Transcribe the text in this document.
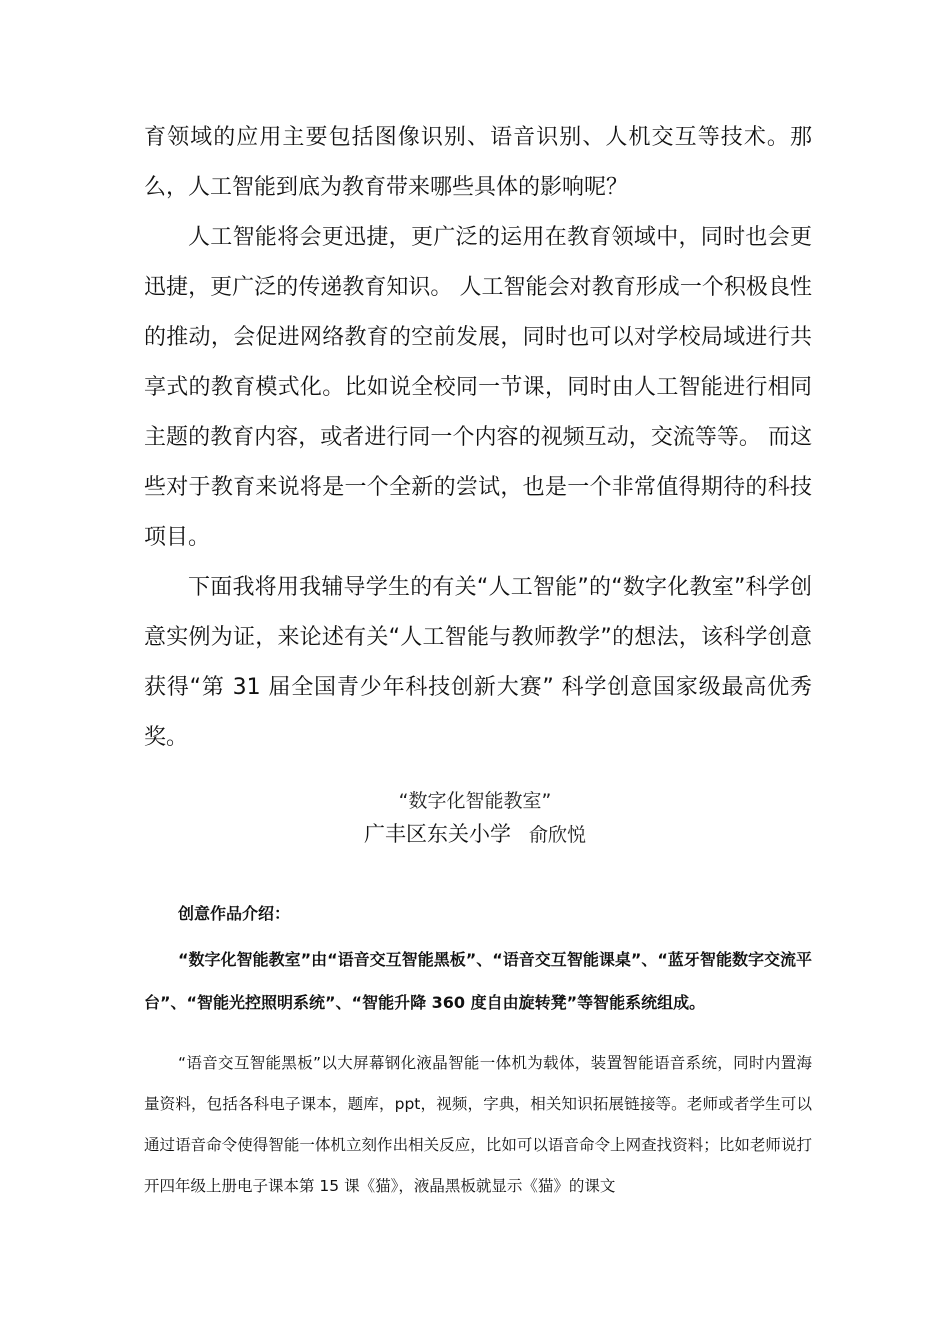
育领域的应用主要包括图像识别、语音识别、人机交互等技术。那么，人工智能到底为教育带来哪些具体的影响呢？

人工智能将会更迅捷，更广泛的运用在教育领域中，同时也会更迅捷，更广泛的传递教育知识。 人工智能会对教育形成一个积极良性的推动，会促进网络教育的空前发展，同时也可以对学校局域进行共享式的教育模式化。比如说全校同一节课，同时由人工智能进行相同主题的教育内容，或者进行同一个内容的视频互动，交流等等。 而这些对于教育来说将是一个全新的尝试，也是一个非常值得期待的科技项目。

下面我将用我辅导学生的有关“人工智能”的“数字化教室”科学创意实例为证，来论述有关“人工智能与教师教学”的想法，该科学创意获得“第 31 届全国青少年科技创新大赛” 科学创意国家级最高优秀奖。

“数字化智能教室”

广丰区东关小学 俞欣悦

创意作品介绍：

“数字化智能教室”由“语音交互智能黑板”、“语音交互智能课桌”、“蓝牙智能数字交流平台”、“智能光控照明系统”、“智能升降 360 度自由旋转凳”等智能系统组成。

“语音交互智能黑板”以大屏幕钢化液晶智能一体机为载体，装置智能语音系统，同时内置海量资料，包括各科电子课本，题库，ppt，视频，字典，相关知识拓展链接等。老师或者学生可以通过语音命令使得智能一体机立刻作出相关反应，比如可以语音命令上网查找资料；比如老师说打开四年级上册电子课本第 15 课《猫》，液晶黑板就显示《猫》的课文
